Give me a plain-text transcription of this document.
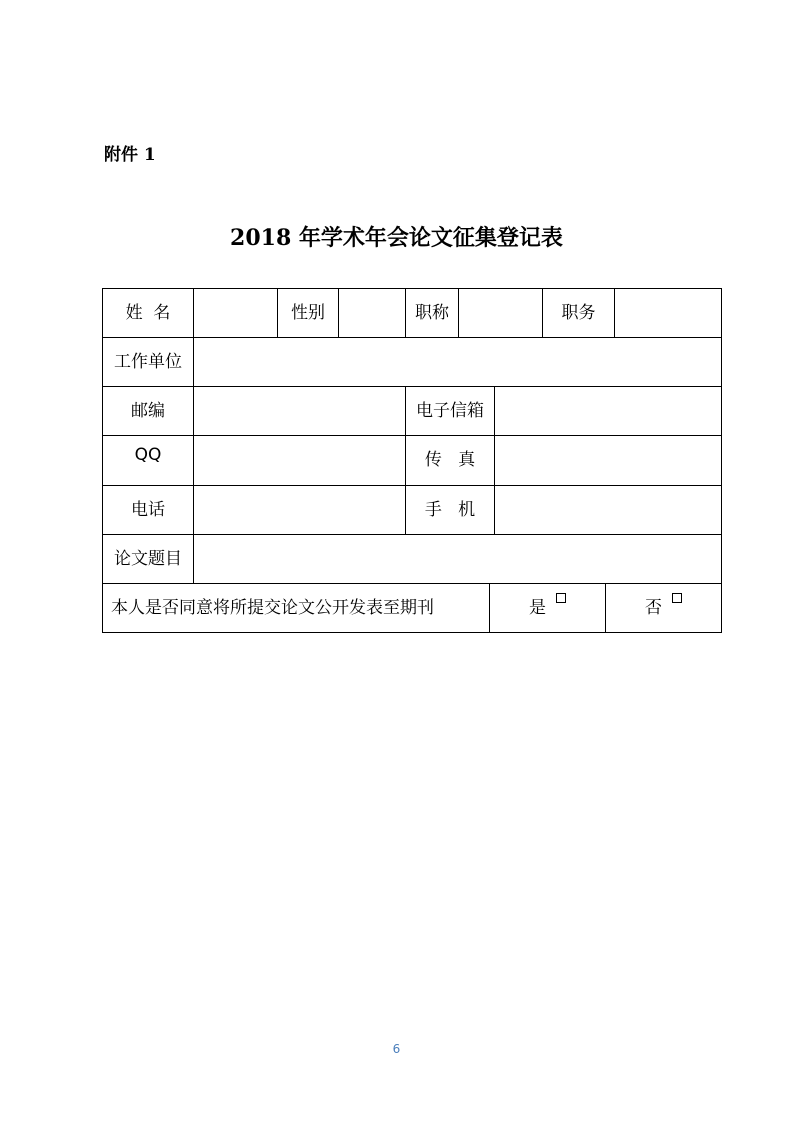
附件 1
2018 年学术年会论文征集登记表
姓  名	性别	职称	职务
工作单位
邮编	电子信箱
QQ	传   真
电话	手   机
论文题目
本人是否同意将所提交论文公开发表至期刊	是	否
6
